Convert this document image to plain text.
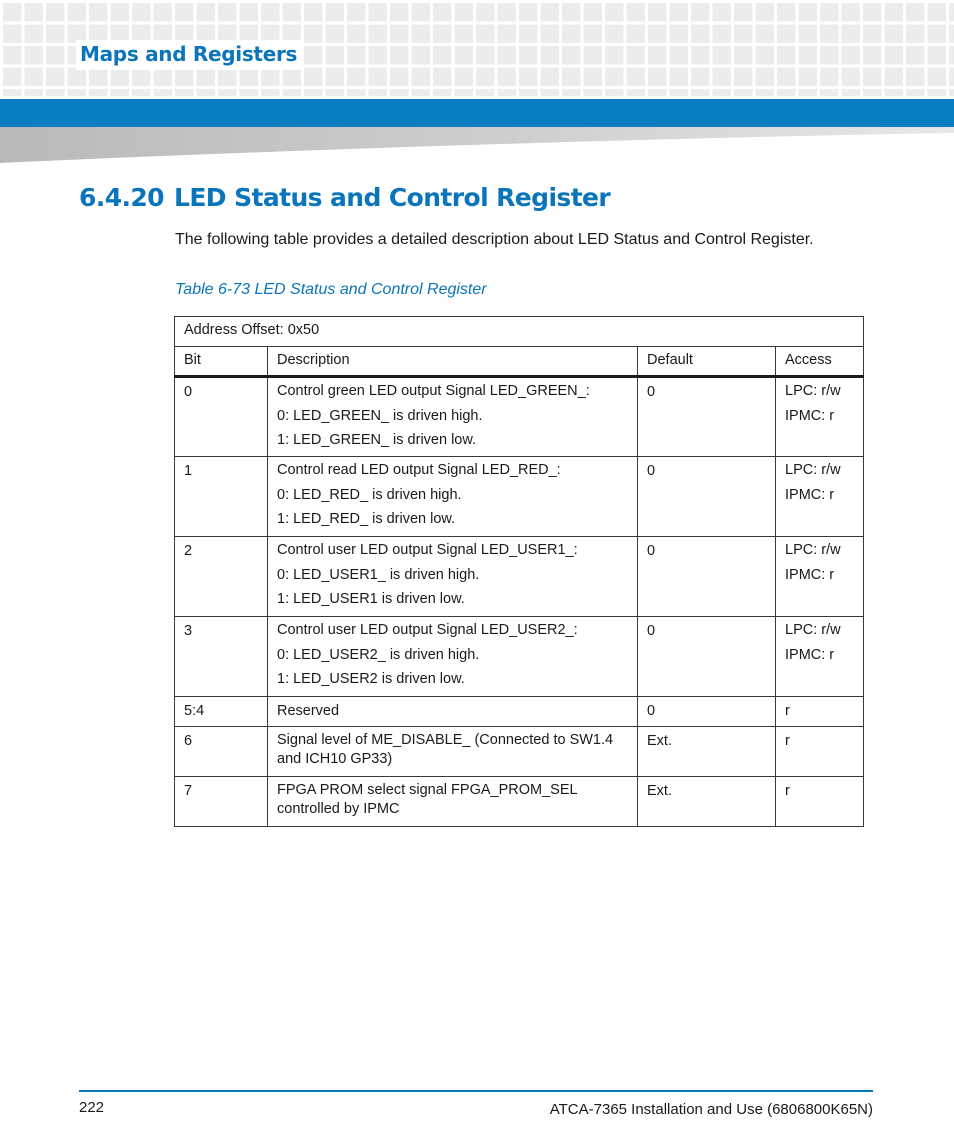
Maps and Registers
6.4.20 LED Status and Control Register
The following table provides a detailed description about LED Status and Control Register.
Table 6-73 LED Status and Control Register
Address Offset: 0x50			
Bit	Description	Default	Access
0	Control green LED output Signal LED_GREEN_:
0: LED_GREEN_ is driven high.
1: LED_GREEN_ is driven low.	0	LPC: r/w
IPMC: r

1	Control read LED output Signal LED_RED_:
0: LED_RED_ is driven high.
1: LED_RED_ is driven low.	0	LPC: r/w
IPMC: r

2	Control user LED output Signal LED_USER1_:
0: LED_USER1_ is driven high.
1: LED_USER1 is driven low.	0	LPC: r/w
IPMC: r

3	Control user LED output Signal LED_USER2_:
0: LED_USER2_ is driven high.
1: LED_USER2 is driven low.	0	LPC: r/w
IPMC: r

5:4	Reserved	0	r
6	Signal level of ME_DISABLE_ (Connected to SW1.4 and ICH10 GP33)	Ext.	r
7	FPGA PROM select signal FPGA_PROM_SEL controlled by IPMC	Ext.	r
222	ATCA-7365 Installation and Use (6806800K65N)
